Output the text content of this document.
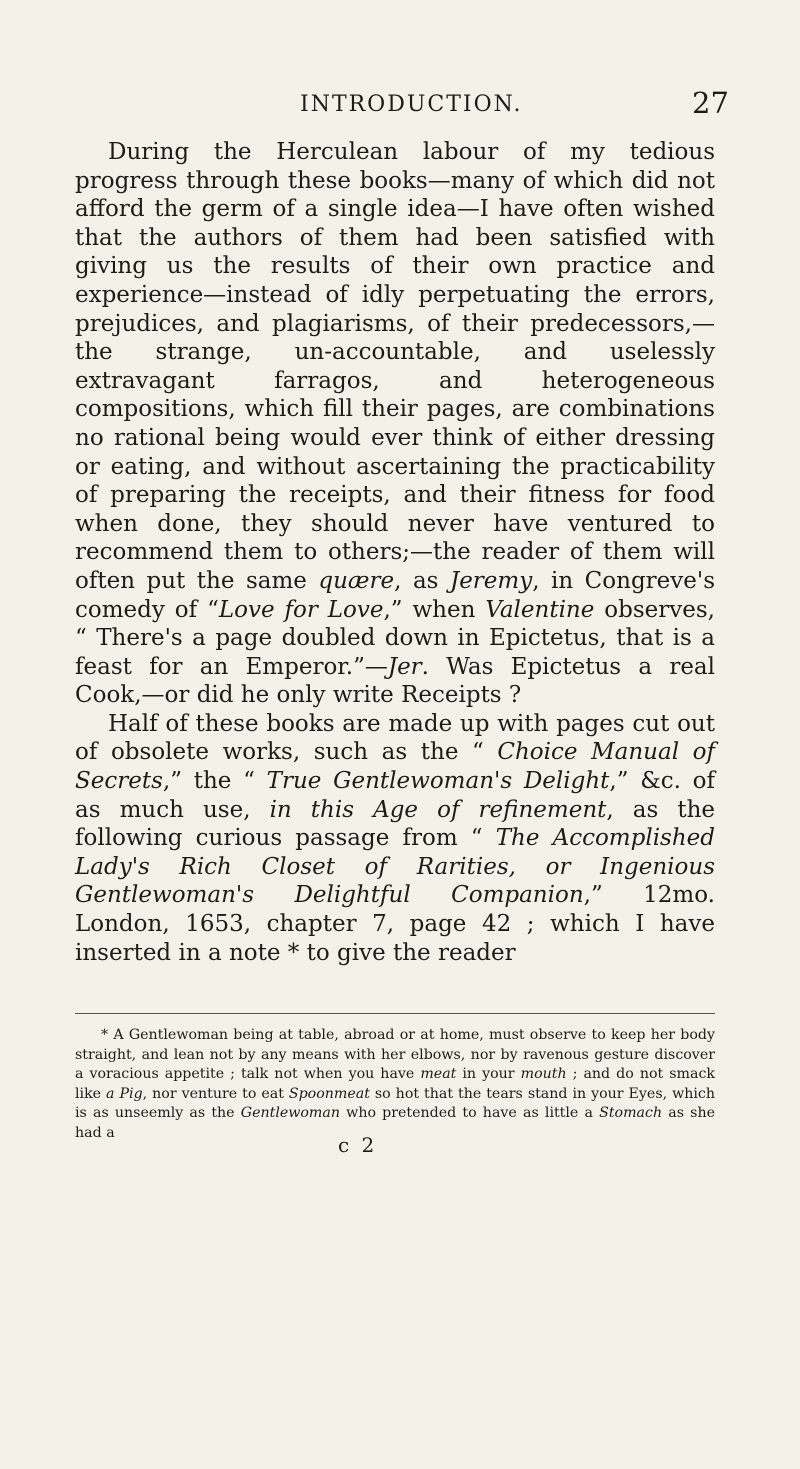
INTRODUCTION.	27

During the Herculean labour of my tedious progress through these books—many of which did not afford the germ of a single idea—I have often wished that the authors of them had been satisfied with giving us the results of their own practice and experience—instead of idly perpetuating the errors, prejudices, and plagiarisms, of their predecessors,—the strange, un-accountable, and uselessly extravagant farragos, and heterogeneous compositions, which fill their pages, are combinations no rational being would ever think of either dressing or eating, and without ascertaining the practicability of preparing the receipts, and their fitness for food when done, they should never have ventured to recommend them to others;—the reader of them will often put the same quære, as Jeremy, in Congreve's comedy of “Love for Love,” when Valentine observes, “ There's a page doubled down in Epictetus, that is a feast for an Emperor.”—Jer. Was Epictetus a real Cook,—or did he only write Receipts ?

Half of these books are made up with pages cut out of obsolete works, such as the “ Choice Manual of Secrets,” the “ True Gentlewoman's Delight,” &c. of as much use, in this Age of refinement, as the following curious passage from “ The Accomplished Lady's Rich Closet of Rarities, or Ingenious Gentlewoman's Delightful Companion,” 12mo. London, 1653, chapter 7, page 42 ; which I have inserted in a note * to give the reader

* A Gentlewoman being at table, abroad or at home, must observe to keep her body straight, and lean not by any means with her elbows, nor by ravenous gesture discover a voracious appetite ; talk not when you have meat in your mouth ; and do not smack like a Pig, nor venture to eat Spoonmeat so hot that the tears stand in your Eyes, which is as unseemly as the Gentlewoman who pretended to have as little a Stomach as she had a

c 2
